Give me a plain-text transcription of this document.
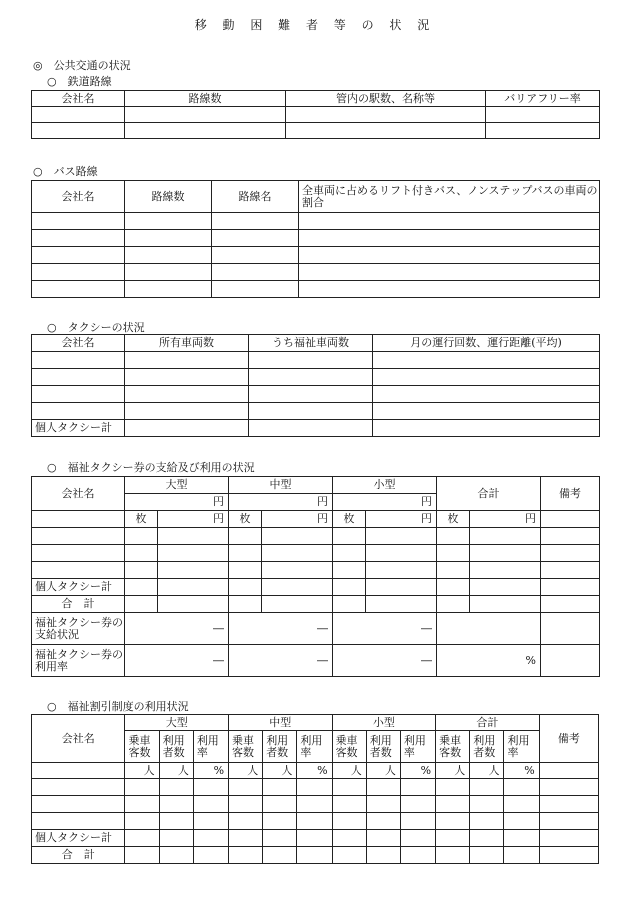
移 動 困 難 者 等 の 状 況
◎　公共交通の状況
○　鉄道路線
会社名	路線数	管内の駅数、名称等	バリアフリー率

○　バス路線
会社名	路線数	路線名	全車両に占めるリフト付きバス、ノンステップバスの車両の割合

○　タクシーの状況
会社名	所有車両数	うち福祉車両数	月の運行回数、運行距離(平均)

個人タクシー計			
○　福祉タクシー券の支給及び利用の状況
会社名	大型		中型		小型		合計		備考
	円		円		円				
	枚	円	枚	円	枚	円	枚	円	

個人タクシー計									
合　計									
福祉タクシー券の支給状況	―		―		―				
福祉タクシー券の利用率	―		―		―		%		
○　福祉割引制度の利用状況
会社名	大型			中型			小型			合計			備考
	乗車客数	利用者数	利用率	乗車客数	利用者数	利用率	乗車客数	利用者数	利用率	乗車客数	利用者数	利用率	
	人	人	%	人	人	%	人	人	%	人	人	%	

個人タクシー計													
合　計													
